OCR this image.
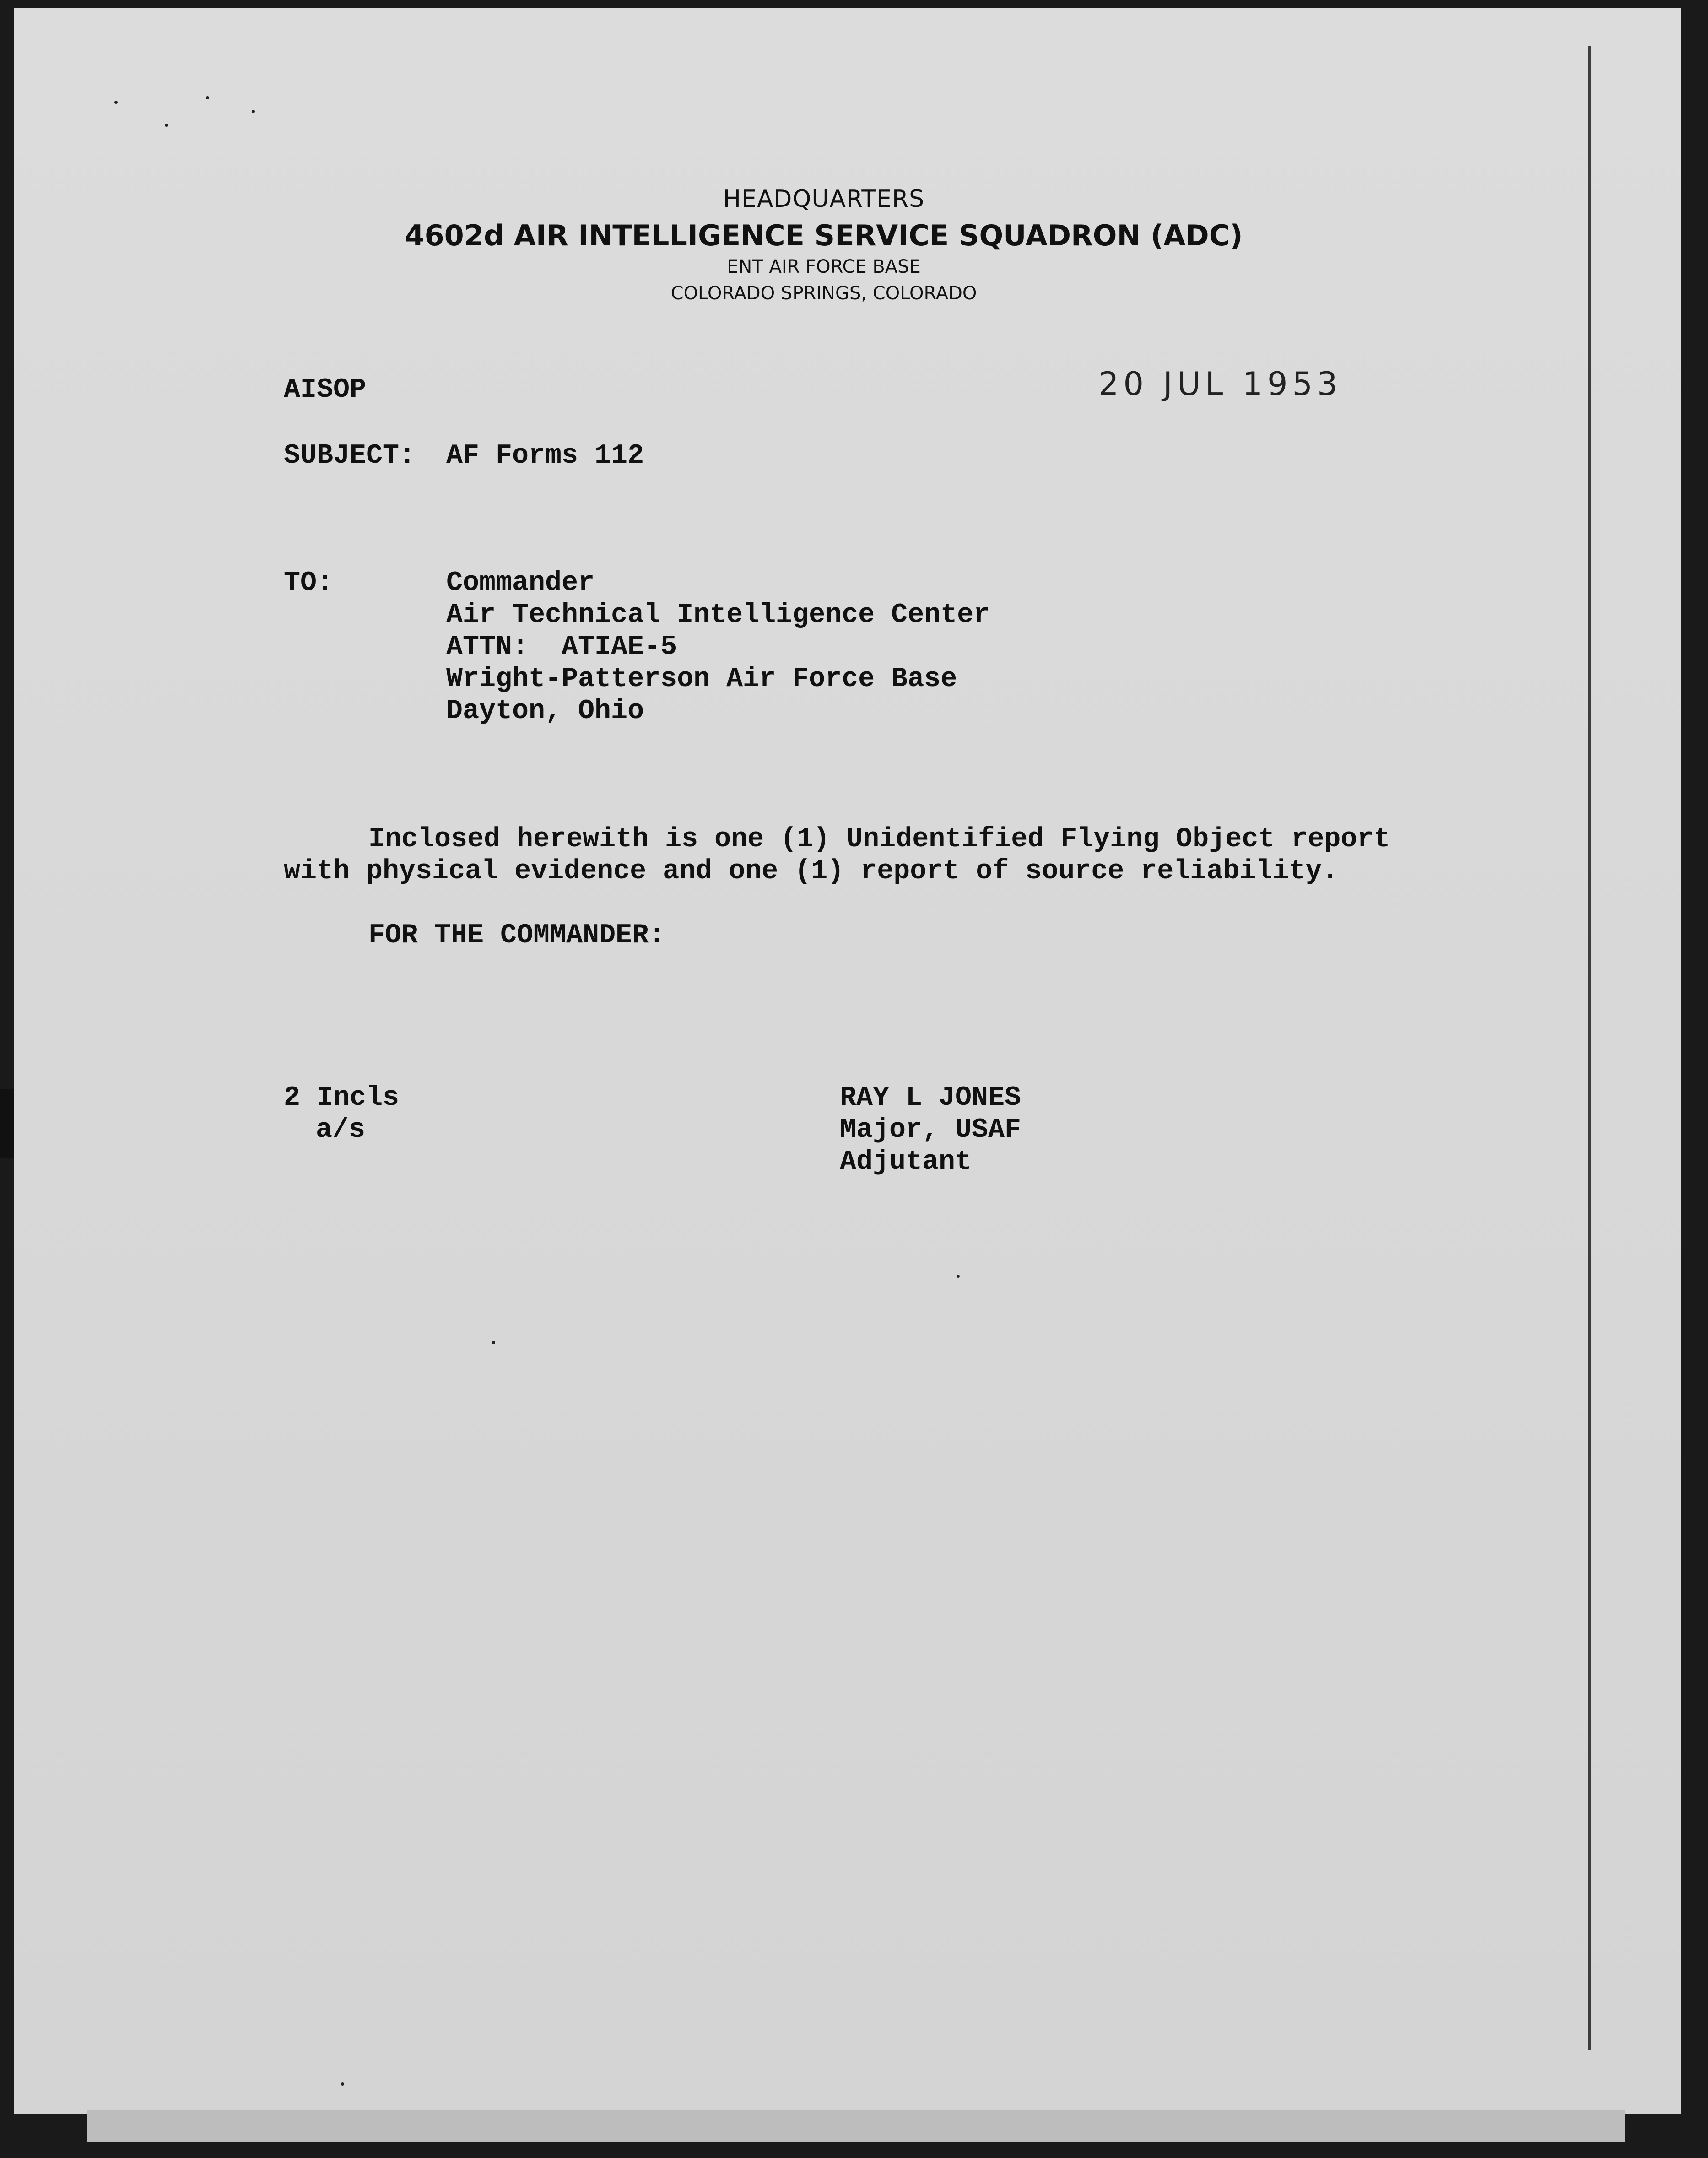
HEADQUARTERS
4602d AIR INTELLIGENCE SERVICE SQUADRON (ADC)
ENT AIR FORCE BASE
COLORADO SPRINGS, COLORADO
AISOP	20 JUL 1953
SUBJECT: AF Forms 112
TO:	Commander
Air Technical Intelligence Center
ATTN:  ATIAE-5
Wright-Patterson Air Force Base
Dayton, Ohio
Inclosed herewith is one (1) Unidentified Flying Object report
with physical evidence and one (1) report of source reliability.
FOR THE COMMANDER:
2 Incls
a/s
RAY L JONES
Major, USAF
Adjutant
